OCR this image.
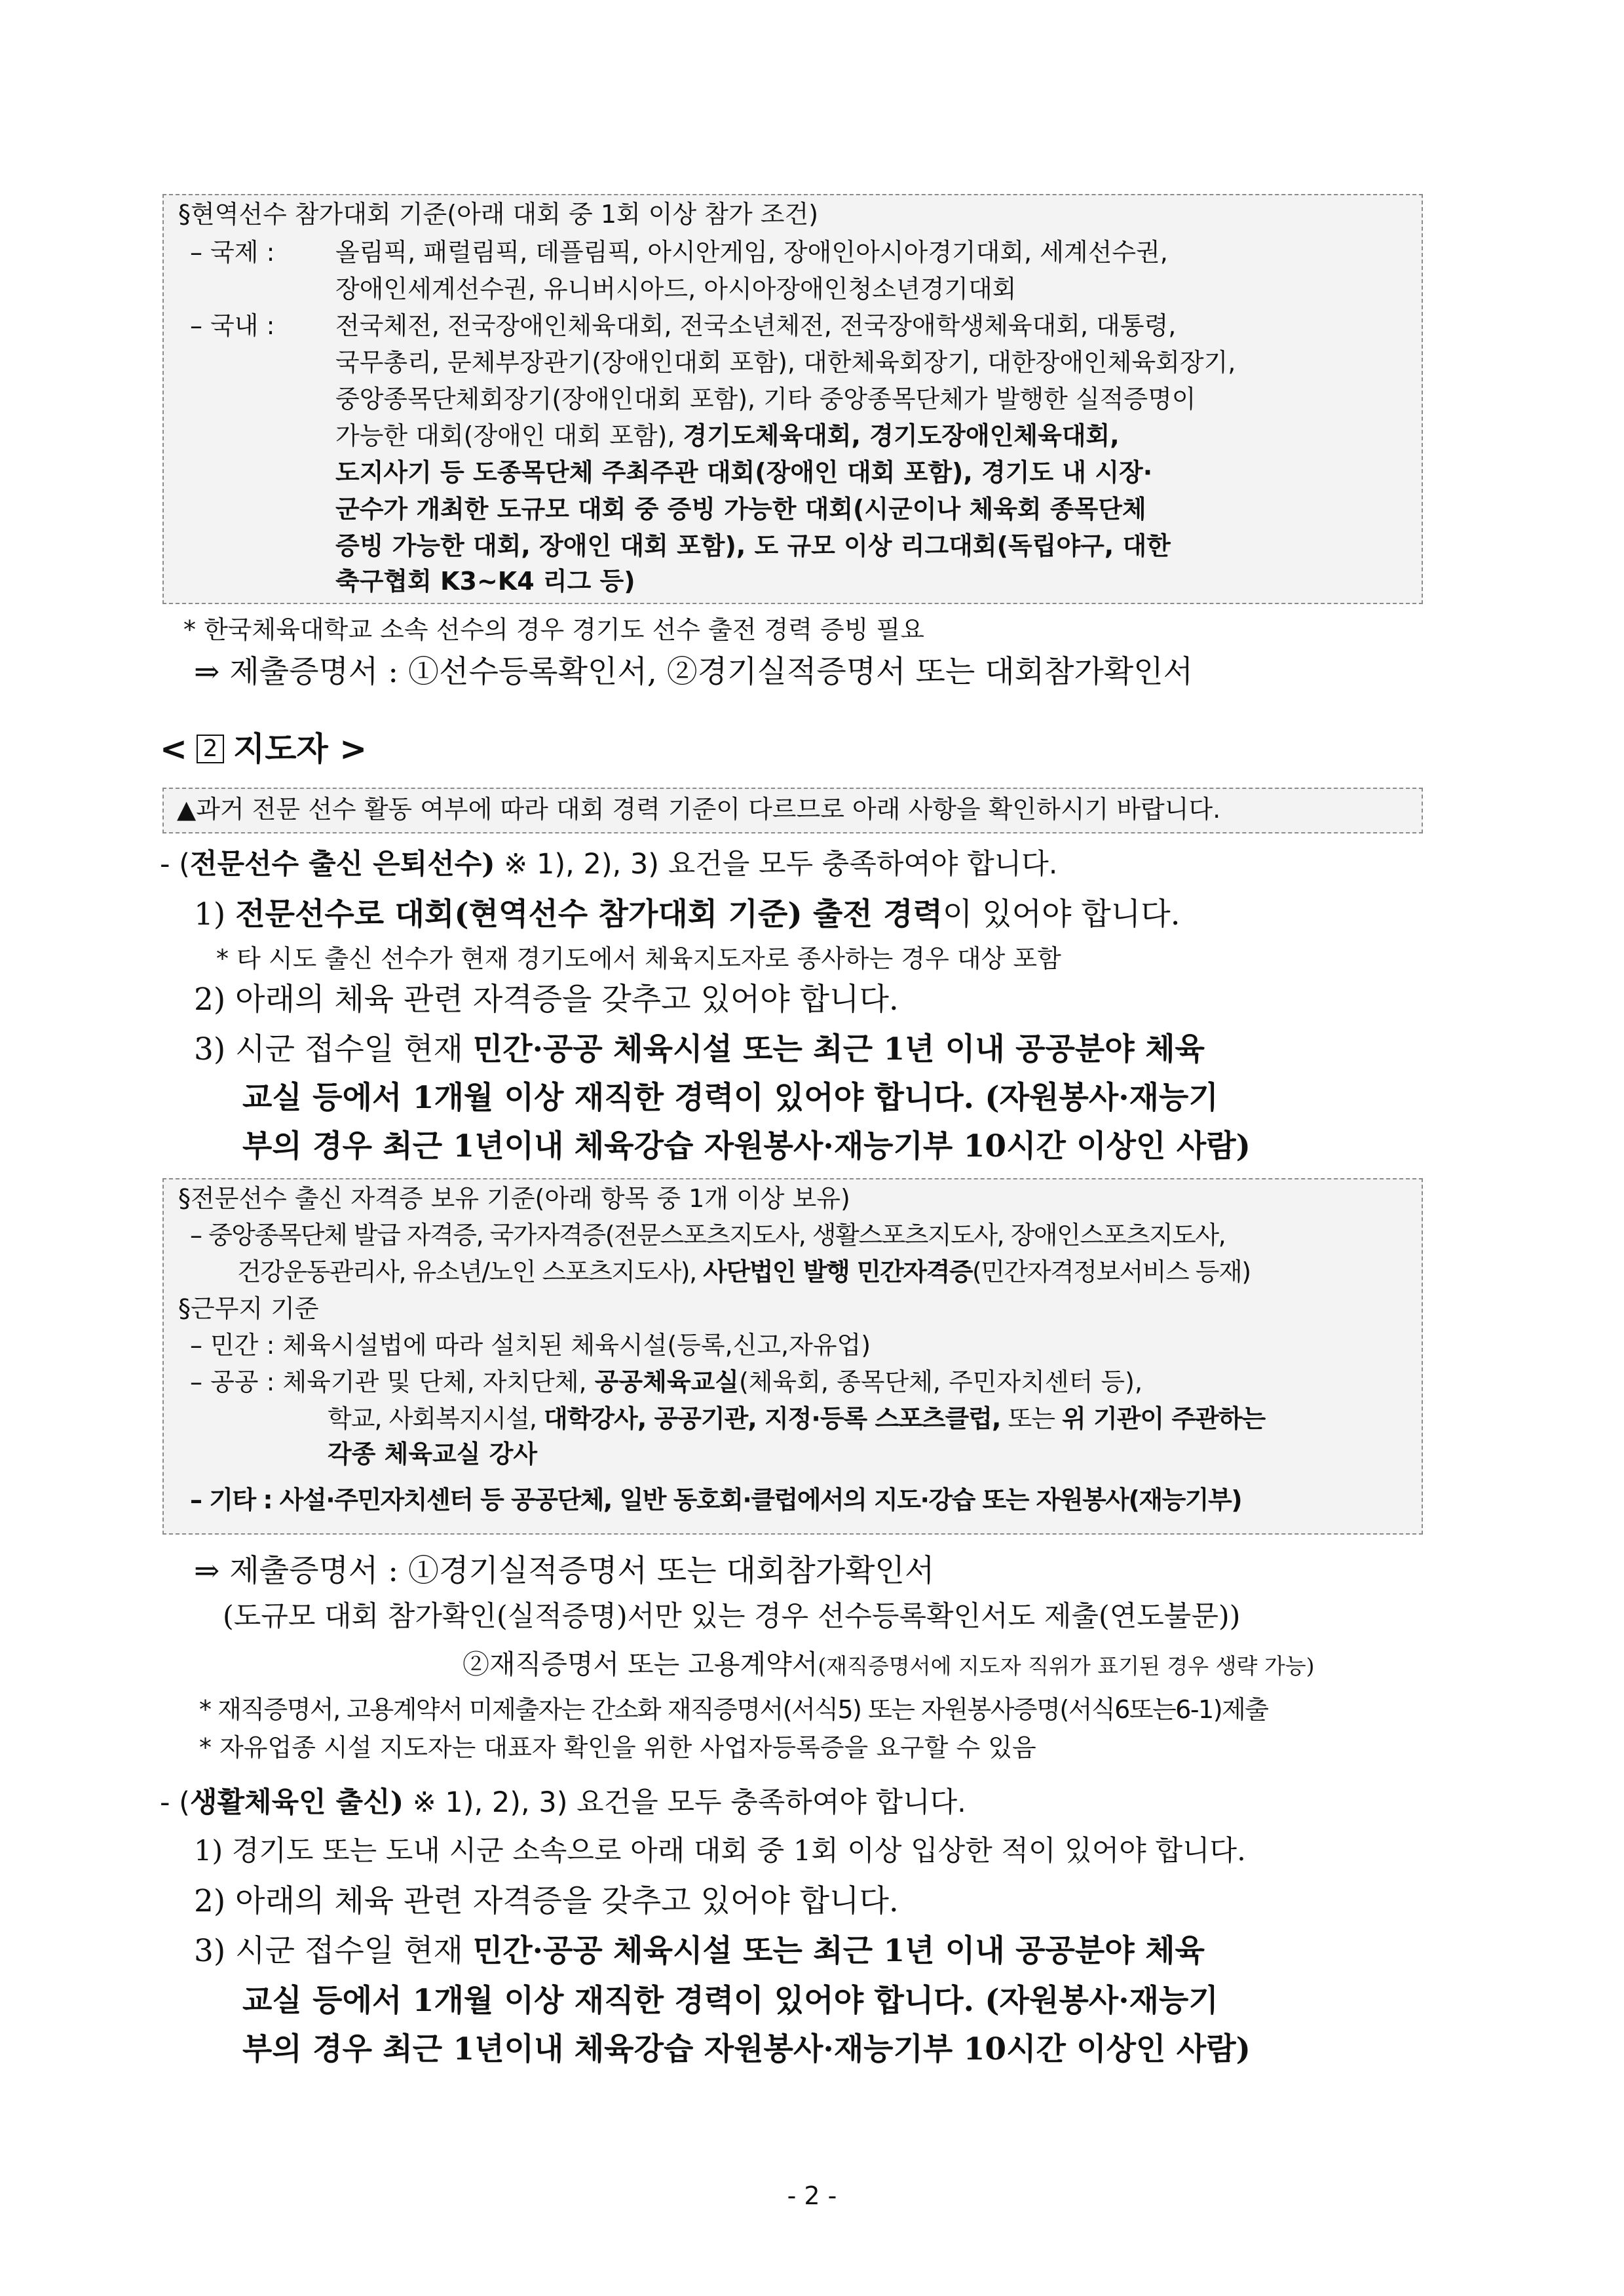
§현역선수 참가대회 기준(아래 대회 중 1회 이상 참가 조건)
– 국제 : 올림픽, 패럴림픽, 데플림픽, 아시안게임, 장애인아시아경기대회, 세계선수권,
장애인세계선수권, 유니버시아드, 아시아장애인청소년경기대회
– 국내 : 전국체전, 전국장애인체육대회, 전국소년체전, 전국장애학생체육대회, 대통령,
국무총리, 문체부장관기(장애인대회 포함), 대한체육회장기, 대한장애인체육회장기,
중앙종목단체회장기(장애인대회 포함), 기타 중앙종목단체가 발행한 실적증명이
가능한 대회(장애인 대회 포함), 경기도체육대회, 경기도장애인체육대회,
도지사기 등 도종목단체 주최주관 대회(장애인 대회 포함), 경기도 내 시장·
군수가 개최한 도규모 대회 중 증빙 가능한 대회(시군이나 체육회 종목단체
증빙 가능한 대회, 장애인 대회 포함), 도 규모 이상 리그대회(독립야구, 대한
축구협회 K3~K4 리그 등)
* 한국체육대학교 소속 선수의 경우 경기도 선수 출전 경력 증빙 필요
⇒ 제출증명서 : ①선수등록확인서, ②경기실적증명서 또는 대회참가확인서
< 2 지도자 >
▲과거 전문 선수 활동 여부에 따라 대회 경력 기준이 다르므로 아래 사항을 확인하시기 바랍니다.
- (전문선수 출신 은퇴선수) ※ 1), 2), 3) 요건을 모두 충족하여야 합니다.
1) 전문선수로 대회(현역선수 참가대회 기준) 출전 경력이 있어야 합니다.
* 타 시도 출신 선수가 현재 경기도에서 체육지도자로 종사하는 경우 대상 포함
2) 아래의 체육 관련 자격증을 갖추고 있어야 합니다.
3) 시군 접수일 현재 민간·공공 체육시설 또는 최근 1년 이내 공공분야 체육
교실 등에서 1개월 이상 재직한 경력이 있어야 합니다. (자원봉사·재능기
부의 경우 최근 1년이내 체육강습 자원봉사·재능기부 10시간 이상인 사람)
§전문선수 출신 자격증 보유 기준(아래 항목 중 1개 이상 보유)
– 중앙종목단체 발급 자격증, 국가자격증(전문스포츠지도사, 생활스포츠지도사, 장애인스포츠지도사,
건강운동관리사, 유소년/노인 스포츠지도사), 사단법인 발행 민간자격증(민간자격정보서비스 등재)
§근무지 기준
– 민간 : 체육시설법에 따라 설치된 체육시설(등록,신고,자유업)
– 공공 : 체육기관 및 단체, 자치단체, 공공체육교실(체육회, 종목단체, 주민자치센터 등),
학교, 사회복지시설, 대학강사, 공공기관, 지정·등록 스포츠클럽, 또는 위 기관이 주관하는
각종 체육교실 강사
– 기타 : 사설·주민자치센터 등 공공단체, 일반 동호회·클럽에서의 지도·강습 또는 자원봉사(재능기부)
⇒ 제출증명서 : ①경기실적증명서 또는 대회참가확인서
(도규모 대회 참가확인(실적증명)서만 있는 경우 선수등록확인서도 제출(연도불문))
②재직증명서 또는 고용계약서(재직증명서에 지도자 직위가 표기된 경우 생략 가능)
* 재직증명서, 고용계약서 미제출자는 간소화 재직증명서(서식5) 또는 자원봉사증명(서식6또는6-1)제출
* 자유업종 시설 지도자는 대표자 확인을 위한 사업자등록증을 요구할 수 있음
- (생활체육인 출신) ※ 1), 2), 3) 요건을 모두 충족하여야 합니다.
1) 경기도 또는 도내 시군 소속으로 아래 대회 중 1회 이상 입상한 적이 있어야 합니다.
2) 아래의 체육 관련 자격증을 갖추고 있어야 합니다.
3) 시군 접수일 현재 민간·공공 체육시설 또는 최근 1년 이내 공공분야 체육
교실 등에서 1개월 이상 재직한 경력이 있어야 합니다. (자원봉사·재능기
부의 경우 최근 1년이내 체육강습 자원봉사·재능기부 10시간 이상인 사람)
- 2 -
